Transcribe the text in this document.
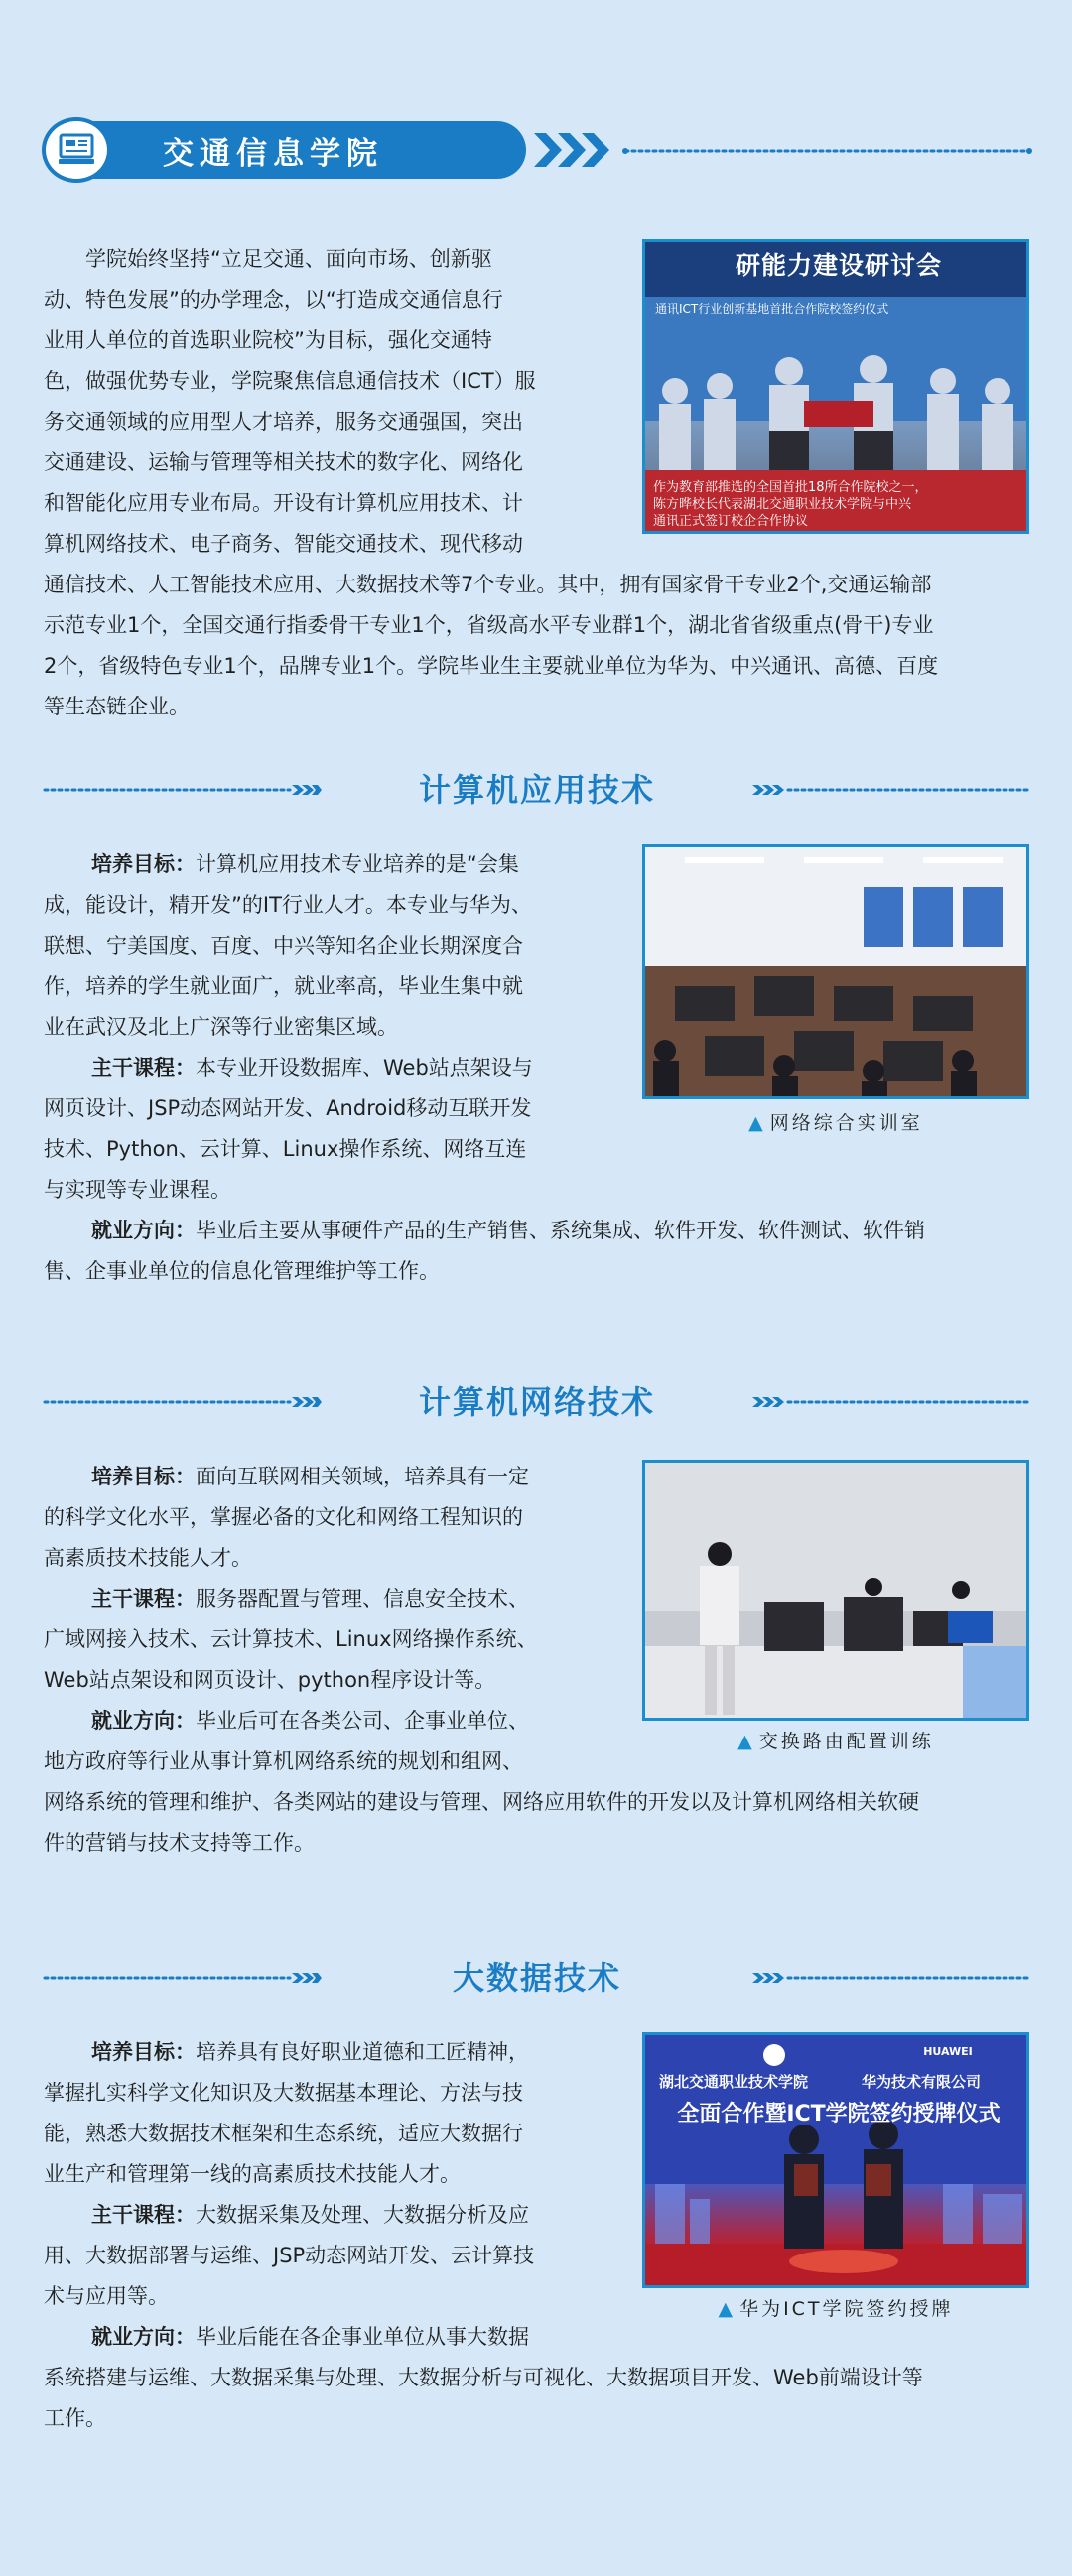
交通信息学院
研能力建设研讨会
通讯ICT行业创新基地首批合作院校签约仪式
作为教育部推选的全国首批18所合作院校之一，
陈方晔校长代表湖北交通职业技术学院与中兴
通讯正式签订校企合作协议
学院始终坚持“立足交通、面向市场、创新驱
动、特色发展”的办学理念，以“打造成交通信息行
业用人单位的首选职业院校”为目标，强化交通特
色，做强优势专业，学院聚焦信息通信技术（ICT）服
务交通领域的应用型人才培养，服务交通强国，突出
交通建设、运输与管理等相关技术的数字化、网络化
和智能化应用专业布局。开设有计算机应用技术、计
算机网络技术、电子商务、智能交通技术、现代移动
通信技术、人工智能技术应用、大数据技术等7个专业。其中，拥有国家骨干专业2个,交通运输部
示范专业1个，全国交通行指委骨干专业1个，省级高水平专业群1个，湖北省省级重点(骨干)专业
2个，省级特色专业1个，品牌专业1个。学院毕业生主要就业单位为华为、中兴通讯、高德、百度
等生态链企业。
计算机应用技术
▲ 网络综合实训室
培养目标：计算机应用技术专业培养的是“会集
成，能设计，精开发”的IT行业人才。本专业与华为、
联想、宁美国度、百度、中兴等知名企业长期深度合
作，培养的学生就业面广，就业率高，毕业生集中就
业在武汉及北上广深等行业密集区域。
主干课程：本专业开设数据库、Web站点架设与
网页设计、JSP动态网站开发、Android移动互联开发
技术、Python、云计算、Linux操作系统、网络互连
与实现等专业课程。
就业方向：毕业后主要从事硬件产品的生产销售、系统集成、软件开发、软件测试、软件销
售、企事业单位的信息化管理维护等工作。
计算机网络技术
▲ 交换路由配置训练
培养目标：面向互联网相关领域，培养具有一定
的科学文化水平，掌握必备的文化和网络工程知识的
高素质技术技能人才。
主干课程：服务器配置与管理、信息安全技术、
广域网接入技术、云计算技术、Linux网络操作系统、
Web站点架设和网页设计、python程序设计等。
就业方向：毕业后可在各类公司、企事业单位、
地方政府等行业从事计算机网络系统的规划和组网、
网络系统的管理和维护、各类网站的建设与管理、网络应用软件的开发以及计算机网络相关软硬
件的营销与技术支持等工作。
大数据技术
湖北交通职业技术学院
HUAWEI
华为技术有限公司
全面合作暨ICT学院签约授牌仪式
▲ 华为ICT学院签约授牌
培养目标：培养具有良好职业道德和工匠精神，
掌握扎实科学文化知识及大数据基本理论、方法与技
能，熟悉大数据技术框架和生态系统，适应大数据行
业生产和管理第一线的高素质技术技能人才。
主干课程：大数据采集及处理、大数据分析及应
用、大数据部署与运维、JSP动态网站开发、云计算技
术与应用等。
就业方向：毕业后能在各企事业单位从事大数据
系统搭建与运维、大数据采集与处理、大数据分析与可视化、大数据项目开发、Web前端设计等
工作。
